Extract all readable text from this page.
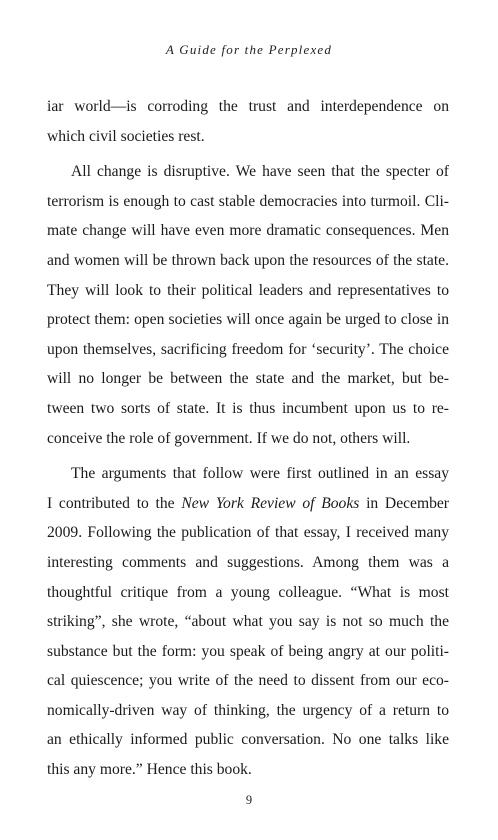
A Guide for the Perplexed
iar world—is corroding the trust and interdependence on
which civil societies rest.
All change is disruptive. We have seen that the specter of
terrorism is enough to cast stable democracies into turmoil. Cli-
mate change will have even more dramatic consequences. Men
and women will be thrown back upon the resources of the state.
They will look to their political leaders and representatives to
protect them: open societies will once again be urged to close in
upon themselves, sacrificing freedom for ‘security’. The choice
will no longer be between the state and the market, but be-
tween two sorts of state. It is thus incumbent upon us to re-
conceive the role of government. If we do not, others will.
The arguments that follow were first outlined in an essay
I contributed to the New York Review of Books in December
2009. Following the publication of that essay, I received many
interesting comments and suggestions. Among them was a
thoughtful critique from a young colleague. “What is most
striking”, she wrote, “about what you say is not so much the
substance but the form: you speak of being angry at our politi-
cal quiescence; you write of the need to dissent from our eco-
nomically-driven way of thinking, the urgency of a return to
an ethically informed public conversation. No one talks like
this any more.” Hence this book.
9
